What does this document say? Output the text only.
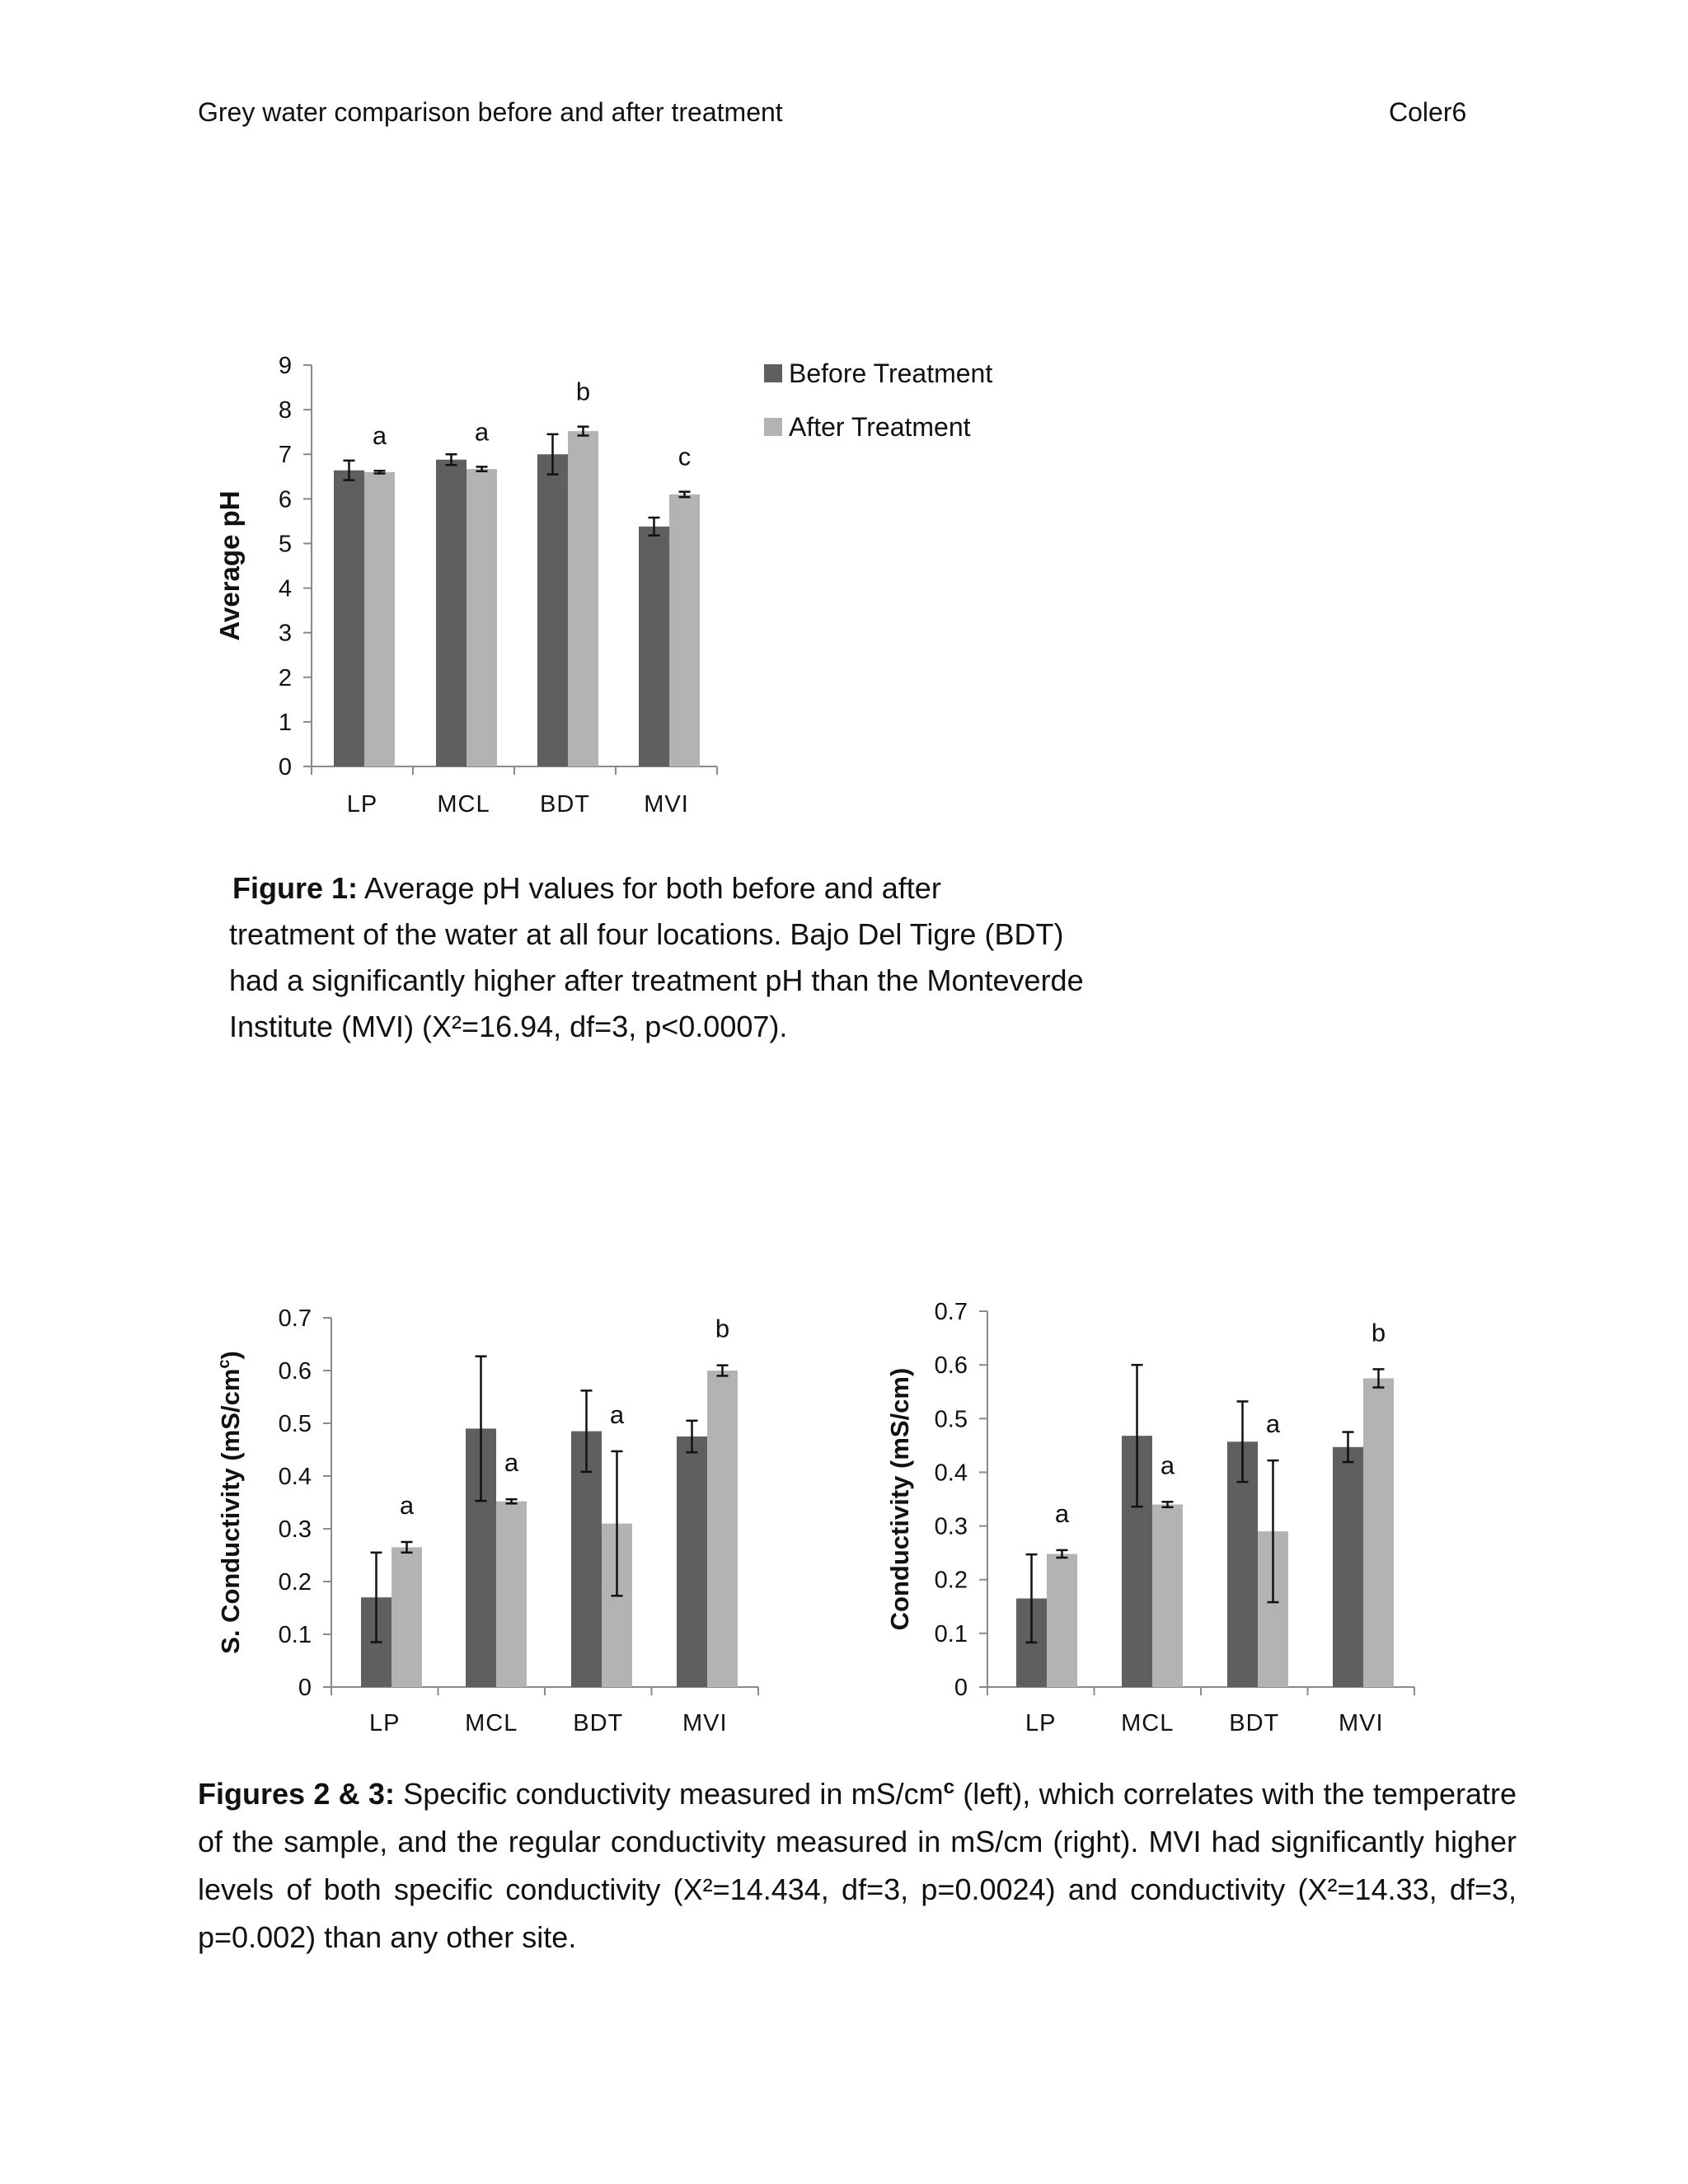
Grey water comparison before and after treatment	Coler6
0
1
2
3
4
5
6
7
8
9
a
LP
a
MCL
b
BDT
c
MVI
Average pH
Before Treatment
After Treatment
Figure 1: Average pH values for both before and after
treatment of the water at all four locations. Bajo Del Tigre (BDT)
had a significantly higher after treatment pH than the Monteverde
Institute (MVI) (X²=16.94, df=3, p<0.0007).
0
0.1
0.2
0.3
0.4
0.5
0.6
0.7
a
LP
a
MCL
a
BDT
b
MVI
S. Conductivity $(mS/cm^c)$
0
0.1
0.2
0.3
0.4
0.5
0.6
0.7
a
LP
a
MCL
a
BDT
b
MVI
Conductivity (mS/cm)
Figures 2 & 3: Specific conductivity measured in $mS/cm^c$ (left), which correlates with the temperatre of the sample, and the regular conductivity measured in mS/cm (right). MVI had significantly higher levels of both specific conductivity (X²=14.434, df=3, p=0.0024) and conductivity (X²=14.33, df=3, p=0.002) than any other site.
